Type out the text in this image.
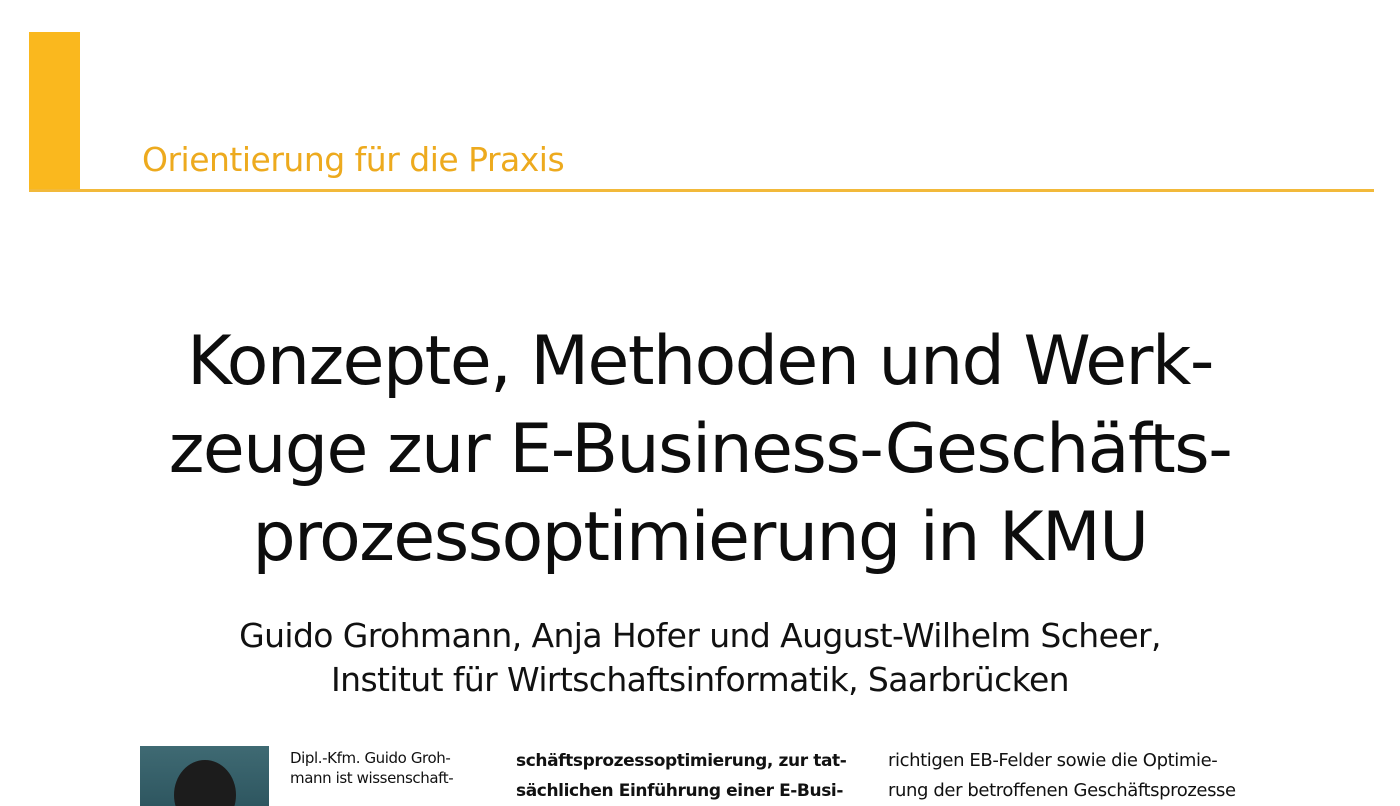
Orientierung für die Praxis
Konzepte, Methoden und Werk-
zeuge zur E-Business-Geschäfts-
prozessoptimierung in KMU
Guido Grohmann, Anja Hofer und August-Wilhelm Scheer,
Institut für Wirtschaftsinformatik, Saarbrücken
Dipl.-Kfm. Guido Groh-
mann ist wissenschaft-
schäftsprozessoptimierung, zur tat-
sächlichen Einführung einer E-Busi-
richtigen EB-Felder sowie die Optimie-
rung der betroffenen Geschäftsprozesse
